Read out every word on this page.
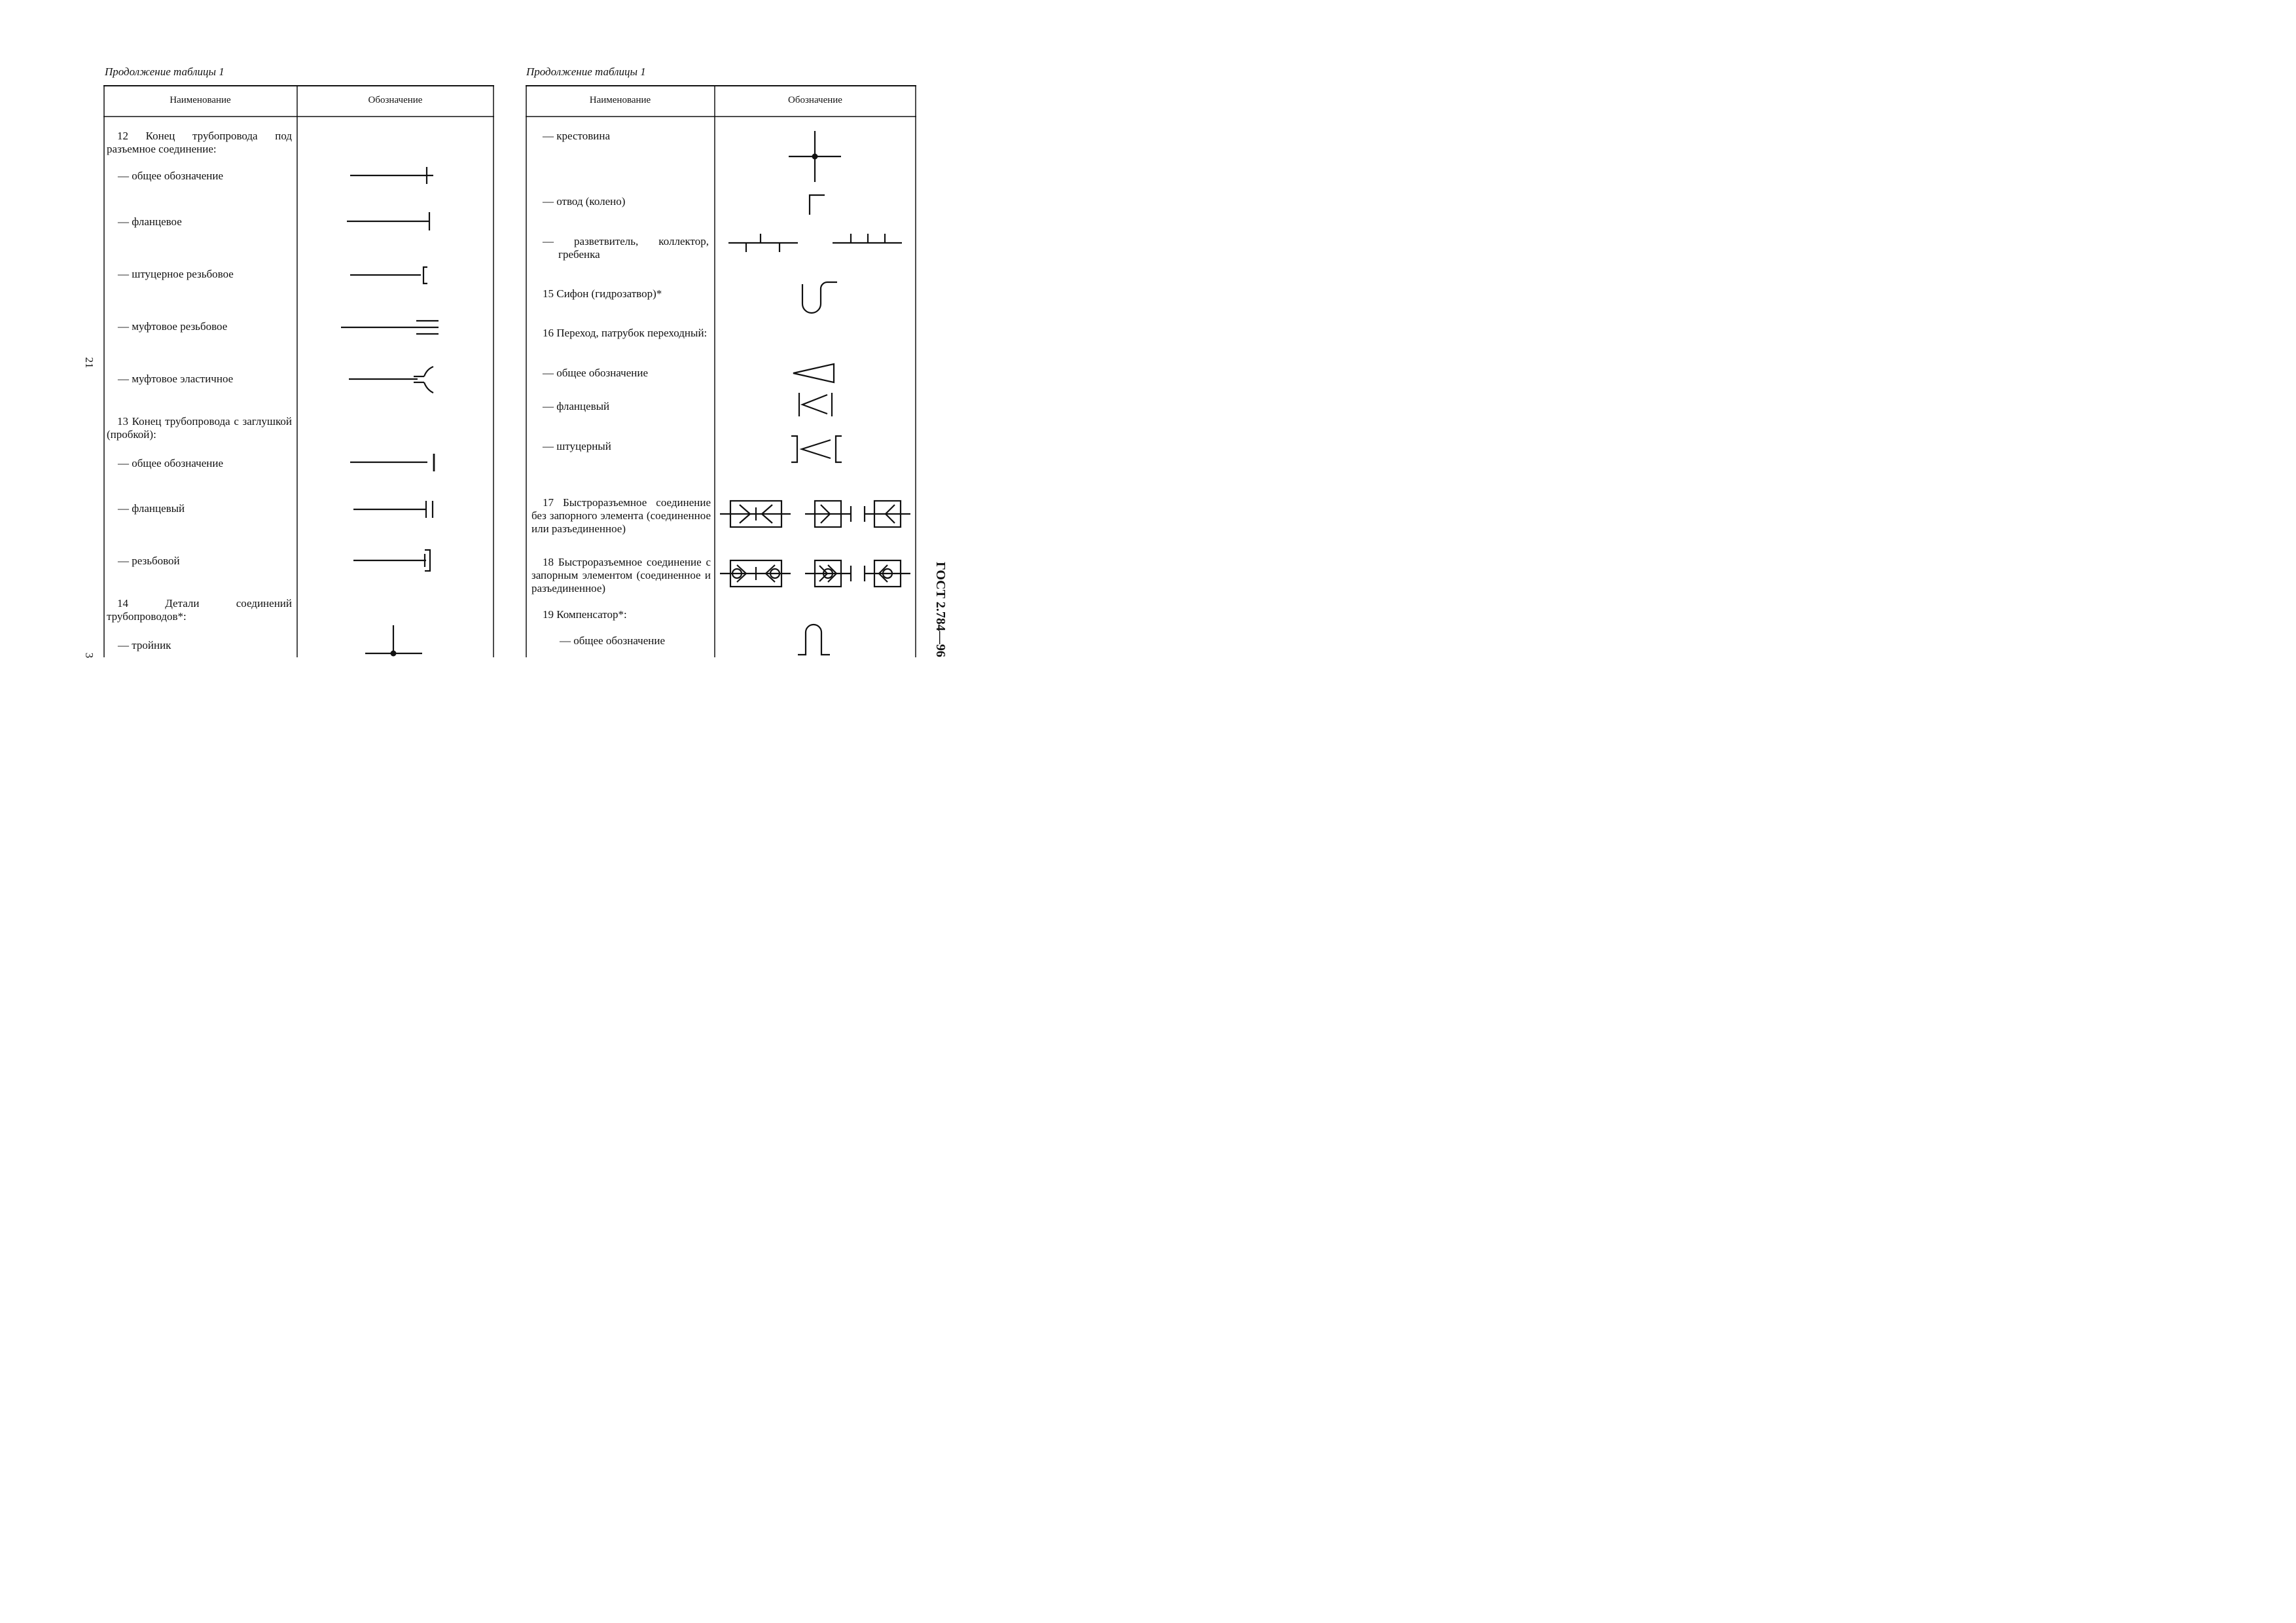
Продолжение таблицы 1
Наименование	Обозначение
12 Конец трубопровода под разъемное соединение:
— общее обозначение
— фланцевое
— штуцерное резьбовое
— муфтовое резьбовое
— муфтовое эластичное
13 Конец трубопровода с заглушкой (пробкой):
— общее обозначение
— фланцевый
— резьбовой
14 Детали соединений трубопроводов*:
— тройник
Продолжение таблицы 1
Наименование	Обозначение
— крестовина
— отвод (колено)
— разветвитель, коллектор, гребенка
15 Сифон (гидрозатвор)*
16 Переход, патрубок переходный:
— общее обозначение
— фланцевый
— штуцерный
17 Быстроразъемное соединение без запорного элемента (соединенное или разъединенное)
18 Быстроразъемное соединение с запорным элементом (соединенное и разъединенное)
19 Компенсатор*:
— общее обозначение
21
3	ГОСТ 2.784—96
